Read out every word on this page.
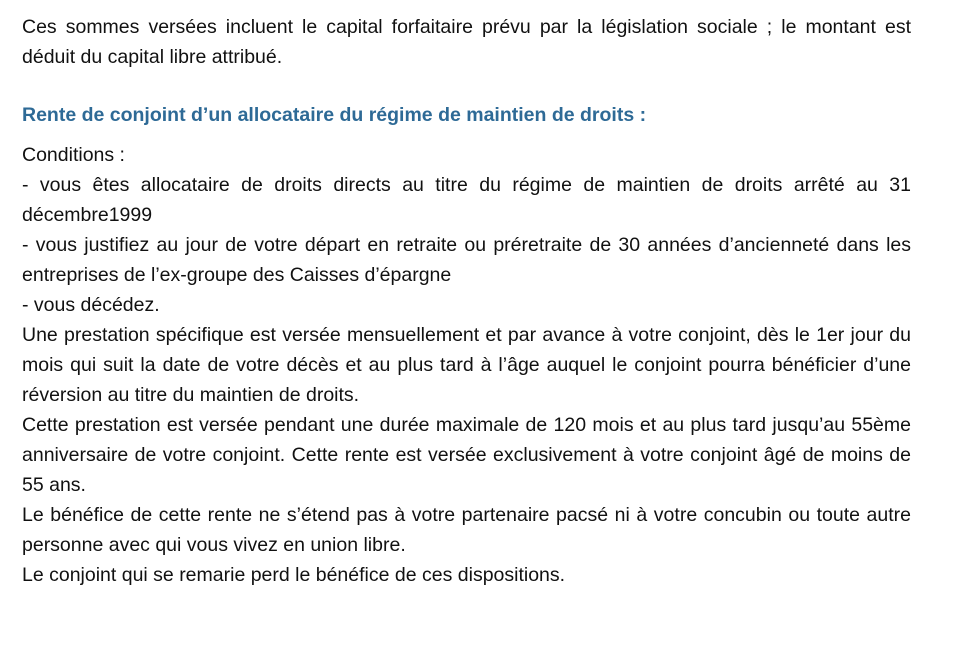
Ces sommes versées incluent le capital forfaitaire prévu par la législation sociale ; le montant est déduit du capital libre attribué.

Rente de conjoint d’un allocataire du régime de maintien de droits :

Conditions :

- vous êtes allocataire de droits directs au titre du régime de maintien de droits arrêté au 31 décembre1999

- vous justifiez au jour de votre départ en retraite ou préretraite de 30 années d’ancienneté dans les entreprises de l’ex-groupe des Caisses d’épargne

- vous décédez.

Une prestation spécifique est versée mensuellement et par avance à votre conjoint, dès le 1er jour du mois qui suit la date de votre décès et au plus tard à l’âge auquel le conjoint pourra bénéficier d’une réversion au titre du maintien de droits.

Cette prestation est versée pendant une durée maximale de 120 mois et au plus tard jusqu’au 55ème anniversaire de votre conjoint. Cette rente est versée exclusivement à votre conjoint âgé de moins de 55 ans.

Le bénéfice de cette rente ne s’étend pas à votre partenaire pacsé ni à votre concubin ou toute autre personne avec qui vous vivez en union libre.

Le conjoint qui se remarie perd le bénéfice de ces dispositions.
